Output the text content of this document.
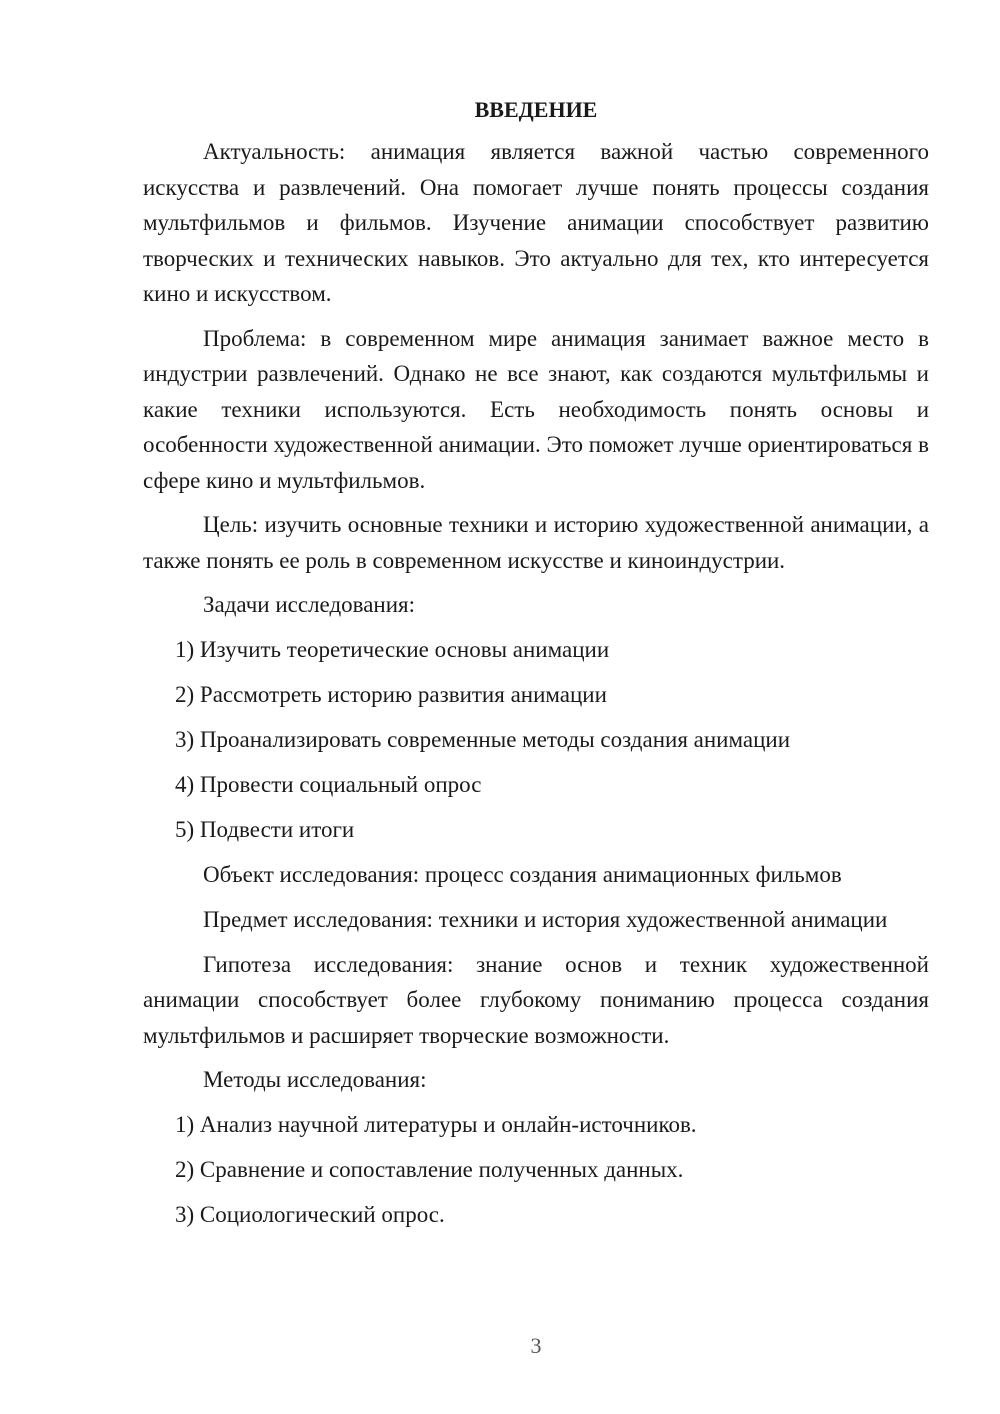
ВВЕДЕНИЕ

Актуальность: анимация является важной частью современного искусства и развлечений. Она помогает лучше понять процессы создания мультфильмов и фильмов. Изучение анимации способствует развитию творческих и технических навыков. Это актуально для тех, кто интересуется кино и искусством.

Проблема: в современном мире анимация занимает важное место в индустрии развлечений. Однако не все знают, как создаются мультфильмы и какие техники используются. Есть необходимость понять основы и особенности художественной анимации. Это поможет лучше ориентироваться в сфере кино и мультфильмов.

Цель: изучить основные техники и историю художественной анимации, а также понять ее роль в современном искусстве и киноиндустрии.

Задачи исследования:
1) Изучить теоретические основы анимации
2) Рассмотреть историю развития анимации
3) Проанализировать современные методы создания анимации
4) Провести социальный опрос
5) Подвести итоги
Объект исследования: процесс создания анимационных фильмов

Предмет исследования: техники и история художественной анимации

Гипотеза исследования: знание основ и техник художественной анимации способствует более глубокому пониманию процесса создания мультфильмов и расширяет творческие возможности.

Методы исследования:
1) Анализ научной литературы и онлайн-источников.
2) Сравнение и сопоставление полученных данных.
3) Социологический опрос.
3
